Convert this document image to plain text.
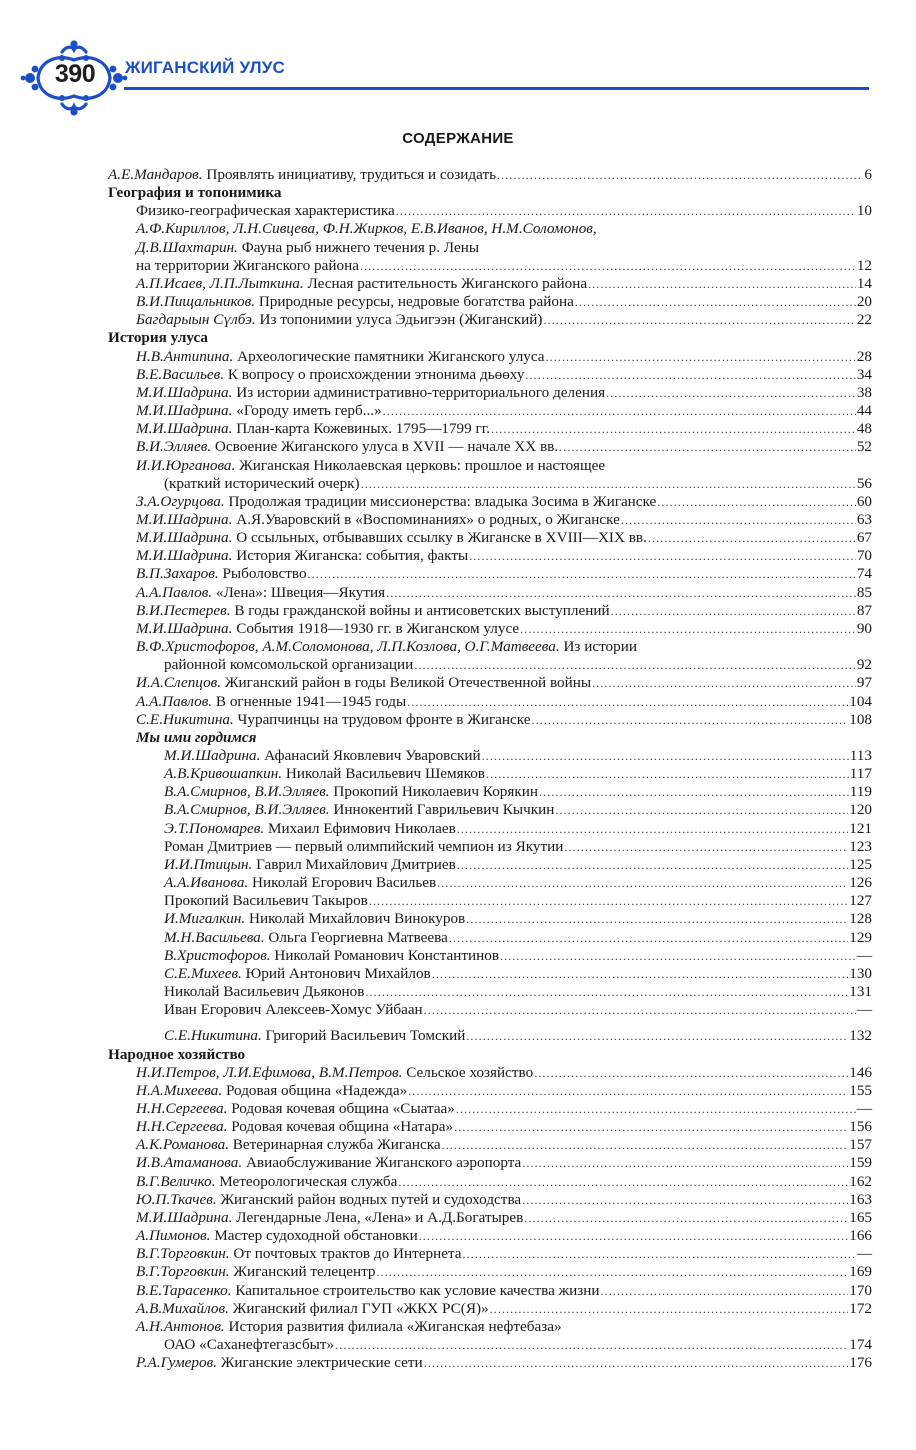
390	ЖИГАНСКИЙ УЛУС
СОДЕРЖАНИЕ
А.Е.Мандаров. Проявлять инициативу, трудиться и созидать .....	6
География и топонимика
Физико-географическая характеристика .....	10
А.Ф.Кириллов, Л.Н.Сивцева, Ф.Н.Жирков, Е.В.Иванов, Н.М.Соломонов,
Д.В.Шахтарин. Фауна рыб нижнего течения р. Лены
на территории Жиганского района .....	12
А.П.Исаев, Л.П.Лыткина. Лесная растительность Жиганского района .....	14
В.И.Пищальников. Природные ресурсы, недровые богатства района .....	20
Багдарыын Сүлбэ. Из топонимии улуса Эдьигээн (Жиганский) .....	22
История улуса
Н.В.Антипина. Археологические памятники Жиганского улуса .....	28
В.Е.Васильев. К вопросу о происхождении этнонима дьөөху .....	34
М.И.Шадрина. Из истории административно-территориального деления .....	38
М.И.Шадрина. «Городу иметь герб...» .....	44
М.И.Шадрина. План-карта Кожевиных. 1795—1799 гг. .....	48
В.И.Элляев. Освоение Жиганского улуса в XVII — начале XX вв. .....	52
И.И.Юрганова. Жиганская Николаевская церковь: прошлое и настоящее
(краткий исторический очерк) .....	56
З.А.Огурцова. Продолжая традиции миссионерства: владыка Зосима в Жиганске .....	60
М.И.Шадрина. А.Я.Уваровский в «Воспоминаниях» о родных, о Жиганске .....	63
М.И.Шадрина. О ссыльных, отбывавших ссылку в Жиганске в XVIII—XIX вв. .....	67
М.И.Шадрина. История Жиганска: события, факты .....	70
В.П.Захаров. Рыболовство .....	74
А.А.Павлов. «Лена»: Швеция—Якутия .....	85
В.И.Пестерев. В годы гражданской войны и антисоветских выступлений .....	87
М.И.Шадрина. События 1918—1930 гг. в Жиганском улусе .....	90
В.Ф.Христофоров, А.М.Соломонова, Л.П.Козлова, О.Г.Матвеева. Из истории
районной комсомольской организации .....	92
И.А.Слепцов. Жиганский район в годы Великой Отечественной войны .....	97
А.А.Павлов. В огненные 1941—1945 годы .....	104
С.Е.Никитина. Чурапчинцы на трудовом фронте в Жиганске .....	108
Мы ими гордимся
М.И.Шадрина. Афанасий Яковлевич Уваровский .....	113
А.В.Кривошапкин. Николай Васильевич Шемяков .....	117
В.А.Смирнов, В.И.Элляев. Прокопий Николаевич Корякин .....	119
В.А.Смирнов, В.И.Элляев. Иннокентий Гаврильевич Кычкин .....	120
Э.Т.Пономарев. Михаил Ефимович Николаев .....	121
Роман Дмитриев — первый олимпийский чемпион из Якутии .....	123
И.И.Птицын. Гаврил Михайлович Дмитриев .....	125
А.А.Иванова. Николай Егорович Васильев .....	126
Прокопий Васильевич Такыров .....	127
И.Мигалкин. Николай Михайлович Винокуров .....	128
М.Н.Васильева. Ольга Георгиевна Матвеева .....	129
В.Христофоров. Николай Романович Константинов .....	—
С.Е.Михеев. Юрий Антонович Михайлов .....	130
Николай Васильевич Дьяконов .....	131
Иван Егорович Алексеев-Хомус Уйбаан .....	—
С.Е.Никитина. Григорий Васильевич Томский .....	132
Народное хозяйство
Н.И.Петров, Л.И.Ефимова, В.М.Петров. Сельское хозяйство .....	146
Н.А.Михеева. Родовая община «Надежда» .....	155
Н.Н.Сергеева. Родовая кочевая община «Сыатаа» .....	—
Н.Н.Сергеева. Родовая кочевая община «Натара» .....	156
А.К.Романова. Ветеринарная служба Жиганска .....	157
И.В.Атаманова. Авиаобслуживание Жиганского аэропорта .....	159
В.Г.Величко. Метеорологическая служба .....	162
Ю.П.Ткачев. Жиганский район водных путей и судоходства .....	163
М.И.Шадрина. Легендарные Лена, «Лена» и А.Д.Богатырев .....	165
А.Пимонов. Мастер судоходной обстановки .....	166
В.Г.Торговкин. От почтовых трактов до Интернета .....	—
В.Г.Торговкин. Жиганский телецентр .....	169
В.Е.Тарасенко. Капитальное строительство как условие качества жизни .....	170
А.В.Михайлов. Жиганский филиал ГУП «ЖКХ РС(Я)» .....	172
А.Н.Антонов. История развития филиала «Жиганская нефтебаза»
ОАО «Саханефтегазсбыт» .....	174
Р.А.Гумеров. Жиганские электрические сети .....	176
